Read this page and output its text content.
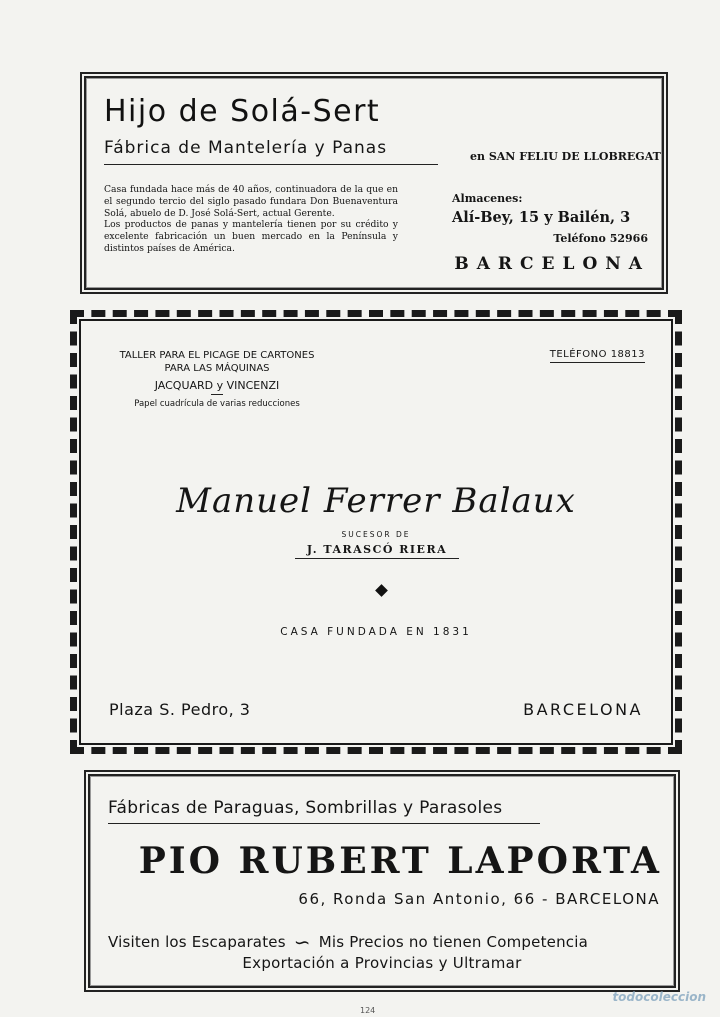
Hijo de Solá-Sert
Fábrica de Mantelería y Panas	en SAN FELIU DE LLOBREGAT

Casa fundada hace más de 40 años, continuadora de la que en el segundo tercio del siglo pasado fundara Don Buenaventura Solá, abuelo de D. José Solá-Sert, actual Gerente.

Los productos de panas y mantelería tienen por su crédito y excelente fabricación un buen mercado en la Península y distintos países de América.

Almacenes:
Alí-Bey, 15 y Bailén, 3
Teléfono 52966
BARCELONA
TALLER PARA EL PICAGE DE CARTONES
PARA LAS MÁQUINAS
JACQUARD y VINCENZI
Papel cuadrícula de varias reducciones
TELÉFONO 18813
Manuel Ferrer Balaux
SUCESOR DE
J. TARASCÓ RIERA
CASA FUNDADA EN 1831
Plaza S. Pedro, 3	BARCELONA
Fábricas de Paraguas, Sombrillas y Parasoles
PIO RUBERT LAPORTA
66, Ronda San Antonio, 66 - BARCELONA
Visiten los Escaparates ∽ Mis Precios no tienen Competencia
Exportación a Provincias y Ultramar
124
todocoleccion
